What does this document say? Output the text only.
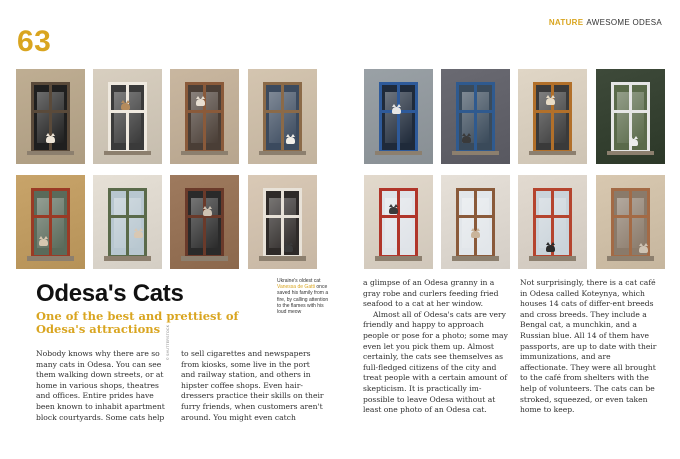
63
NATURE AWESOME ODESA
Ukraine's oldest cat Vanessa de Gatti once saved his family from a fire, by calling attention to the flames with his loud meow
© SHUTTERSTOCK
Odesa's Cats
One of the best and prettiest of Odesa's attractions

Nobody knows why there are so many cats in Odesa. You can see them walking down streets, or at home in various shops, theatres and offices. Entire prides have been known to inhabit apartment block courtyards. Some cats help

to sell cigarettes and newspapers from kiosks, some live in the port and railway station, and others in hipster coffee shops. Even hair-dressers practice their skills on their furry friends, when customers aren't around. You might even catch

a glimpse of an Odesa granny in a gray robe and curlers feeding fried seafood to a cat at her window.

Almost all of Odesa's cats are very friendly and happy to approach people or pose for a photo; some may even let you pick them up. Almost certainly, the cats see themselves as full-fledged citizens of the city and treat people with a certain amount of skepticism. It is practically im-possible to leave Odesa without at least one photo of an Odesa cat.

Not surprisingly, there is a cat café in Odesa called Koteynya, which houses 14 cats of differ-ent breeds and cross breeds. They include a Bengal cat, a munchkin, and a Russian blue. All 14 of them have passports, are up to date with their immunizations, and are affectionate. They were all brought to the café from shelters with the help of volunteers. The cats can be stroked, squeezed, or even taken home to keep.
